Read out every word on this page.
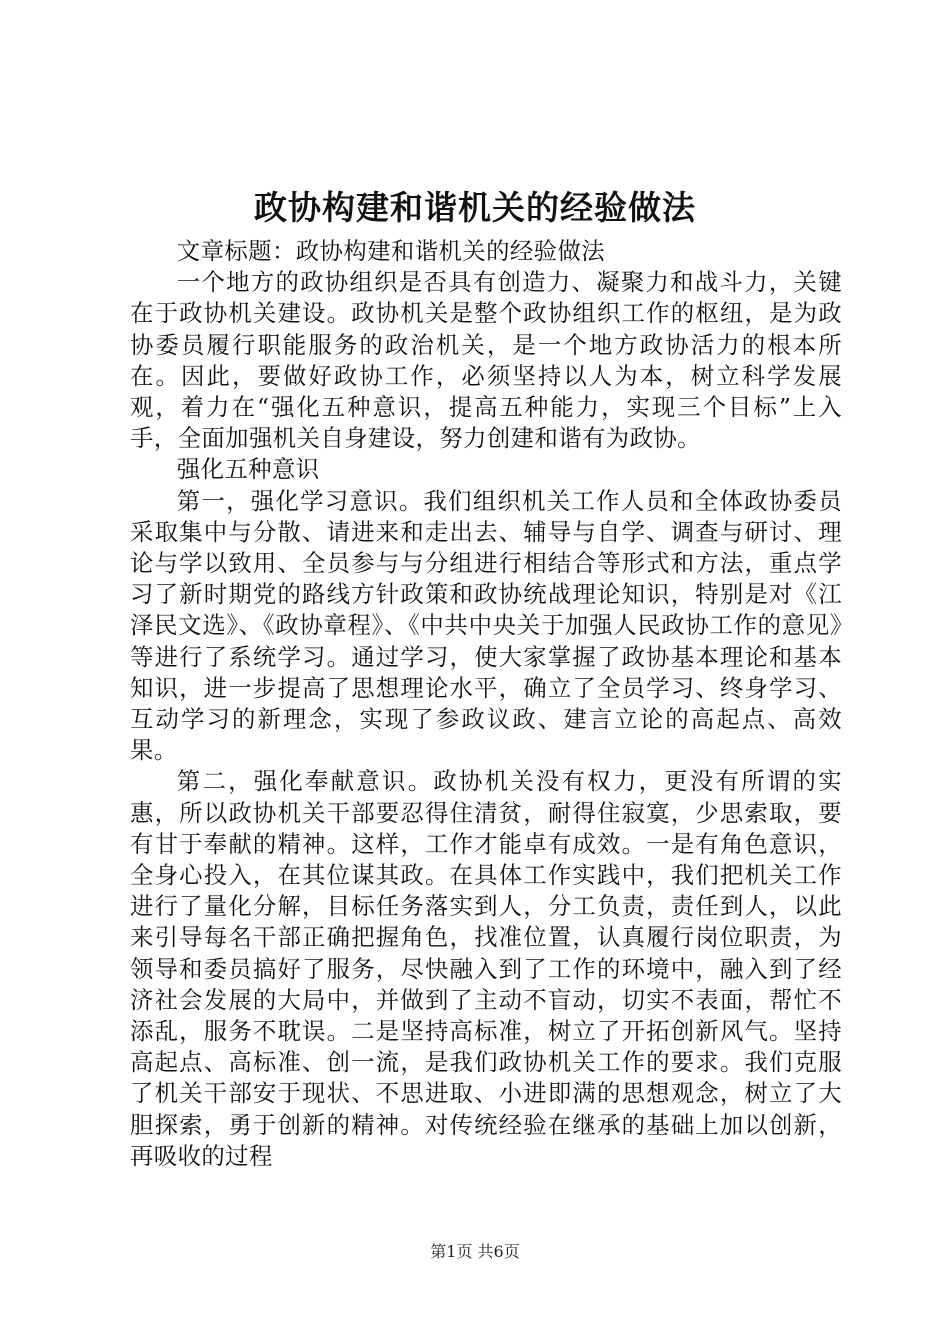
政协构建和谐机关的经验做法

文章标题：政协构建和谐机关的经验做法

一个地方的政协组织是否具有创造力、凝聚力和战斗力，关键在于政协机关建设。政协机关是整个政协组织工作的枢纽，是为政协委员履行职能服务的政治机关，是一个地方政协活力的根本所在。因此，要做好政协工作，必须坚持以人为本，树立科学发展观，着力在“强化五种意识，提高五种能力，实现三个目标”上入手，全面加强机关自身建设，努力创建和谐有为政协。

强化五种意识

第一，强化学习意识。我们组织机关工作人员和全体政协委员采取集中与分散、请进来和走出去、辅导与自学、调查与研讨、理论与学以致用、全员参与与分组进行相结合等形式和方法，重点学习了新时期党的路线方针政策和政协统战理论知识，特别是对《江泽民文选》、《政协章程》、《中共中央关于加强人民政协工作的意见》等进行了系统学习。通过学习，使大家掌握了政协基本理论和基本知识，进一步提高了思想理论水平，确立了全员学习、终身学习、互动学习的新理念，实现了参政议政、建言立论的高起点、高效果。

第二，强化奉献意识。政协机关没有权力，更没有所谓的实惠，所以政协机关干部要忍得住清贫，耐得住寂寞，少思索取，要有甘于奉献的精神。这样，工作才能卓有成效。一是有角色意识，全身心投入，在其位谋其政。在具体工作实践中，我们把机关工作进行了量化分解，目标任务落实到人，分工负责，责任到人，以此来引导每名干部正确把握角色，找准位置，认真履行岗位职责，为领导和委员搞好了服务，尽快融入到了工作的环境中，融入到了经济社会发展的大局中，并做到了主动不盲动，切实不表面，帮忙不添乱，服务不耽误。二是坚持高标准，树立了开拓创新风气。坚持高起点、高标准、创一流，是我们政协机关工作的要求。我们克服了机关干部安于现状、不思进取、小进即满的思想观念，树立了大胆探索，勇于创新的精神。对传统经验在继承的基础上加以创新，再吸收的过程

第1页 共6页
